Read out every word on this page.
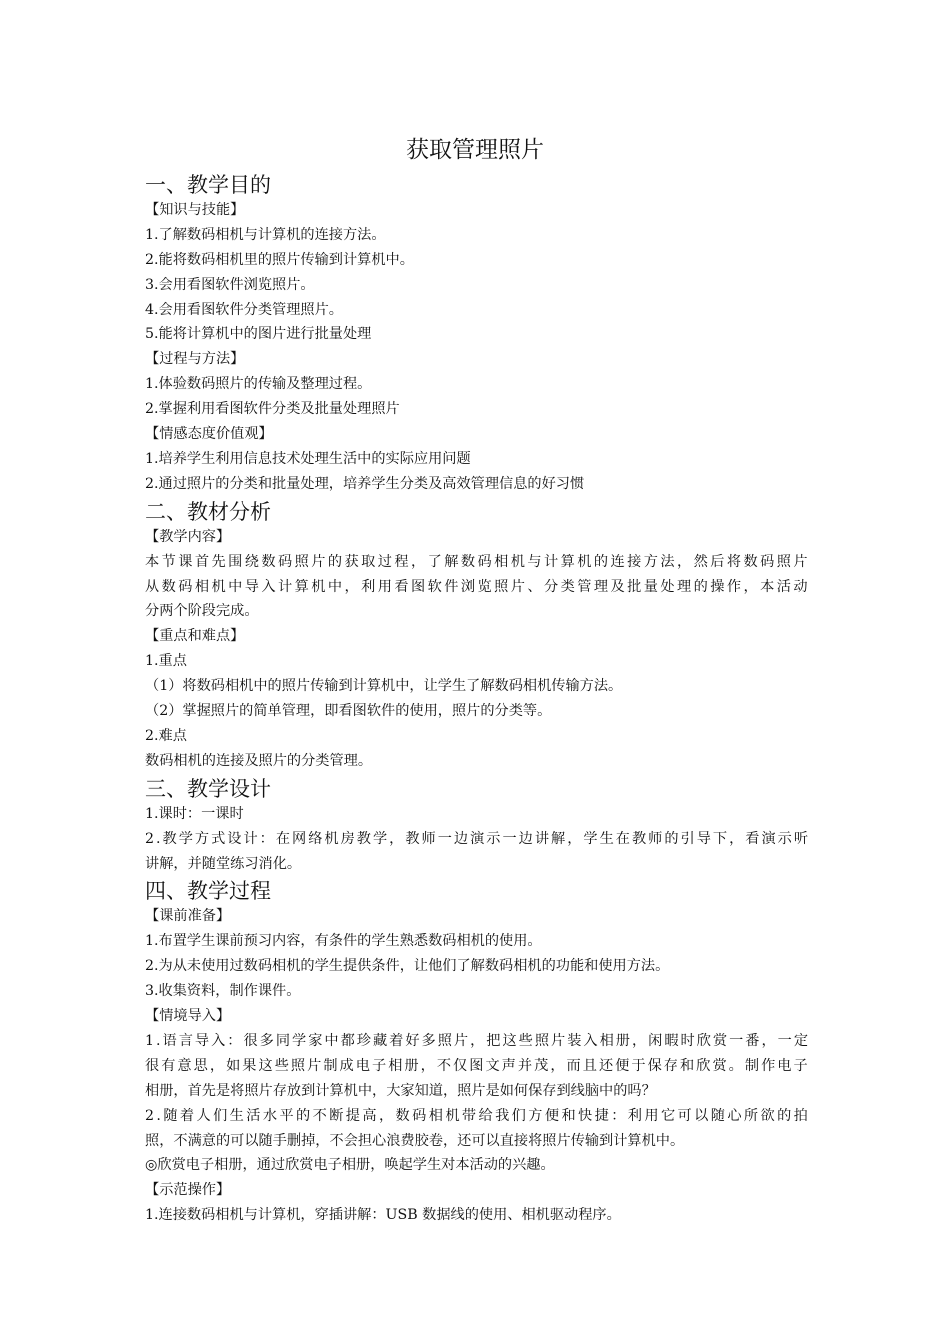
获取管理照片
一、教学目的
【知识与技能】
1.了解数码相机与计算机的连接方法。
2.能将数码相机里的照片传输到计算机中。
3.会用看图软件浏览照片。
4.会用看图软件分类管理照片。
5.能将计算机中的图片进行批量处理
【过程与方法】
1.体验数码照片的传输及整理过程。
2.掌握利用看图软件分类及批量处理照片
【情感态度价值观】
1.培养学生利用信息技术处理生活中的实际应用问题
2.通过照片的分类和批量处理，培养学生分类及高效管理信息的好习惯
二、教材分析
【教学内容】
本节课首先围绕数码照片的获取过程，了解数码相机与计算机的连接方法，然后将数码照片
从数码相机中导入计算机中，利用看图软件浏览照片、分类管理及批量处理的操作，本活动
分两个阶段完成。
【重点和难点】
1.重点
（1）将数码相机中的照片传输到计算机中，让学生了解数码相机传输方法。
（2）掌握照片的简单管理，即看图软件的使用，照片的分类等。
2.难点
数码相机的连接及照片的分类管理。
三、教学设计
1.课时：一课时
2.教学方式设计：在网络机房教学，教师一边演示一边讲解，学生在教师的引导下，看演示听
讲解，并随堂练习消化。
四、教学过程
【课前准备】
1.布置学生课前预习内容，有条件的学生熟悉数码相机的使用。
2.为从未使用过数码相机的学生提供条件，让他们了解数码相机的功能和使用方法。
3.收集资料，制作课件。
【情境导入】
1.语言导入：很多同学家中都珍藏着好多照片，把这些照片装入相册，闲暇时欣赏一番，一定
很有意思，如果这些照片制成电子相册，不仅图文声并茂，而且还便于保存和欣赏。制作电子
相册，首先是将照片存放到计算机中，大家知道，照片是如何保存到线脑中的吗？
2.随着人们生活水平的不断提高，数码相机带给我们方便和快捷：利用它可以随心所欲的拍
照，不满意的可以随手删掉，不会担心浪费胶卷，还可以直接将照片传输到计算机中。
◎欣赏电子相册，通过欣赏电子相册，唤起学生对本活动的兴趣。
【示范操作】
1.连接数码相机与计算机，穿插讲解：USB 数据线的使用、相机驱动程序。
